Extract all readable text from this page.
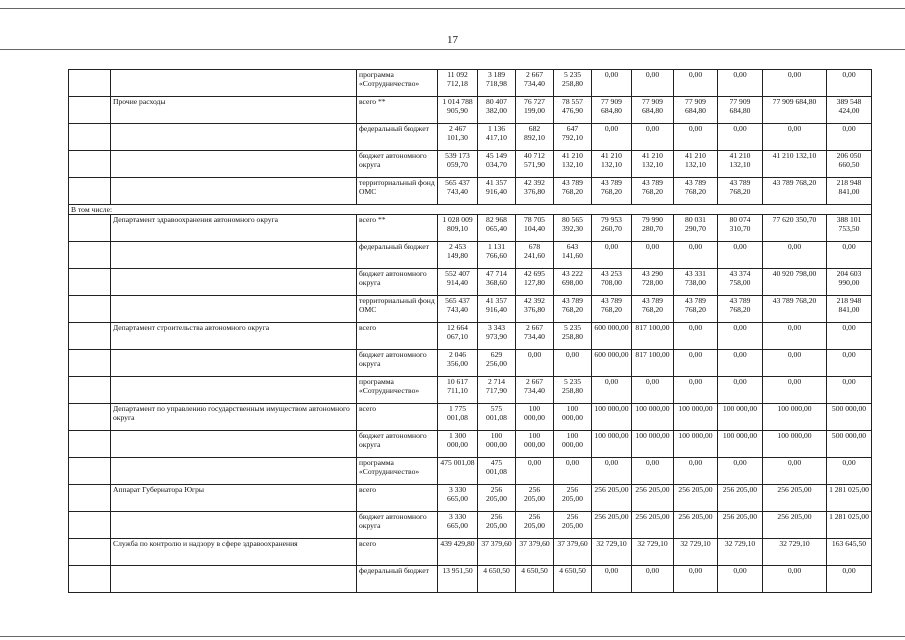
17
		программа «Сотрудничество»	11 092 712,18	3 189 718,98	2 667 734,40	5 235 258,80	0,00	0,00	0,00	0,00	0,00	0,00
	Прочие расходы	всего **	1 014 788 905,90	80 407 382,00	76 727 199,00	78 557 476,90	77 909 684,80	77 909 684,80	77 909 684,80	77 909 684,80	77 909 684,80	389 548 424,00
		федеральный бюджет	2 467 101,30	1 136 417,10	682 892,10	647 792,10	0,00	0,00	0,00	0,00	0,00	0,00
		бюджет автономного округа	539 173 059,70	45 149 034,70	40 712 571,90	41 210 132,10	41 210 132,10	41 210 132,10	41 210 132,10	41 210 132,10	41 210 132,10	206 050 660,50
		территориальный фонд ОМС	565 437 743,40	41 357 916,40	42 392 376,80	43 789 768,20	43 789 768,20	43 789 768,20	43 789 768,20	43 789 768,20	43 789 768,20	218 948 841,00
В том числе:												
	Департамент здравоохранения автономного округа	всего **	1 028 009 809,10	82 968 065,40	78 705 104,40	80 565 392,30	79 953 260,70	79 990 280,70	80 031 290,70	80 074 310,70	77 620 350,70	388 101 753,50
		федеральный бюджет	2 453 149,80	1 131 766,60	678 241,60	643 141,60	0,00	0,00	0,00	0,00	0,00	0,00
		бюджет автономного округа	552 407 914,40	47 714 368,60	42 695 127,80	43 222 698,00	43 253 708,00	43 290 728,00	43 331 738,00	43 374 758,00	40 920 798,00	204 603 990,00
		территориальный фонд ОМС	565 437 743,40	41 357 916,40	42 392 376,80	43 789 768,20	43 789 768,20	43 789 768,20	43 789 768,20	43 789 768,20	43 789 768,20	218 948 841,00
	Департамент строительства автономного округа	всего	12 664 067,10	3 343 973,90	2 667 734,40	5 235 258,80	600 000,00	817 100,00	0,00	0,00	0,00	0,00
		бюджет автономного округа	2 046 356,00	629 256,00	0,00	0,00	600 000,00	817 100,00	0,00	0,00	0,00	0,00
		программа «Сотрудничество»	10 617 711,10	2 714 717,90	2 667 734,40	5 235 258,80	0,00	0,00	0,00	0,00	0,00	0,00
	Департамент по управлению государственным имуществом автономного округа	всего	1 775 001,08	575 001,08	100 000,00	100 000,00	100 000,00	100 000,00	100 000,00	100 000,00	100 000,00	500 000,00
		бюджет автономного округа	1 300 000,00	100 000,00	100 000,00	100 000,00	100 000,00	100 000,00	100 000,00	100 000,00	100 000,00	500 000,00
		программа «Сотрудничество»	475 001,08	475 001,08	0,00	0,00	0,00	0,00	0,00	0,00	0,00	0,00
	Аппарат Губернатора Югры	всего	3 330 665,00	256 205,00	256 205,00	256 205,00	256 205,00	256 205,00	256 205,00	256 205,00	256 205,00	1 281 025,00
		бюджет автономного округа	3 330 665,00	256 205,00	256 205,00	256 205,00	256 205,00	256 205,00	256 205,00	256 205,00	256 205,00	1 281 025,00
	Служба по контролю и надзору в сфере здравоохранения	всего	439 429,80	37 379,60	37 379,60	37 379,60	32 729,10	32 729,10	32 729,10	32 729,10	32 729,10	163 645,50
		федеральный бюджет	13 951,50	4 650,50	4 650,50	4 650,50	0,00	0,00	0,00	0,00	0,00	0,00
